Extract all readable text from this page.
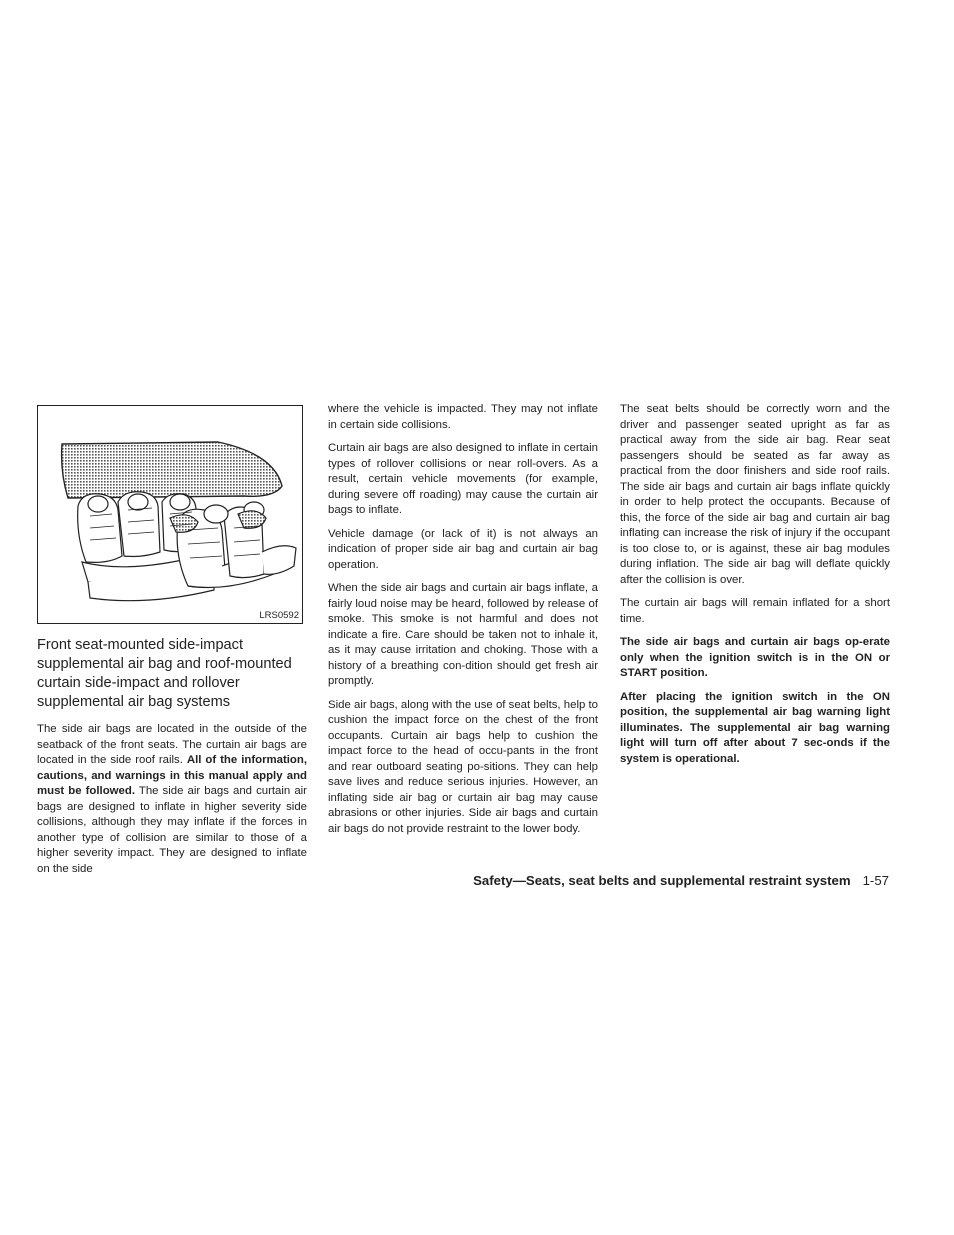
LRS0592
Front seat-mounted side-impact supplemental air bag and roof-mounted curtain side-impact and rollover supplemental air bag systems

The side air bags are located in the outside of the seatback of the front seats. The curtain air bags are located in the side roof rails. All of the information, cautions, and warnings in this manual apply and must be followed. The side air bags and curtain air bags are designed to inflate in higher severity side collisions, although they may inflate if the forces in another type of collision are similar to those of a higher severity impact. They are designed to inflate on the side

where the vehicle is impacted. They may not inflate in certain side collisions.

Curtain air bags are also designed to inflate in certain types of rollover collisions or near roll-overs. As a result, certain vehicle movements (for example, during severe off roading) may cause the curtain air bags to inflate.

Vehicle damage (or lack of it) is not always an indication of proper side air bag and curtain air bag operation.

When the side air bags and curtain air bags inflate, a fairly loud noise may be heard, followed by release of smoke. This smoke is not harmful and does not indicate a fire. Care should be taken not to inhale it, as it may cause irritation and choking. Those with a history of a breathing con-dition should get fresh air promptly.

Side air bags, along with the use of seat belts, help to cushion the impact force on the chest of the front occupants. Curtain air bags help to cushion the impact force to the head of occu-pants in the front and rear outboard seating po-sitions. They can help save lives and reduce serious injuries. However, an inflating side air bag or curtain air bag may cause abrasions or other injuries. Side air bags and curtain air bags do not provide restraint to the lower body.

The seat belts should be correctly worn and the driver and passenger seated upright as far as practical away from the side air bag. Rear seat passengers should be seated as far away as practical from the door finishers and side roof rails. The side air bags and curtain air bags inflate quickly in order to help protect the occupants. Because of this, the force of the side air bag and curtain air bag inflating can increase the risk of injury if the occupant is too close to, or is against, these air bag modules during inflation. The side air bag will deflate quickly after the collision is over.

The curtain air bags will remain inflated for a short time.

The side air bags and curtain air bags op-erate only when the ignition switch is in the ON or START position.

After placing the ignition switch in the ON position, the supplemental air bag warning light illuminates. The supplemental air bag warning light will turn off after about 7 sec-onds if the system is operational.

Safety—Seats, seat belts and supplemental restraint system 1-57
